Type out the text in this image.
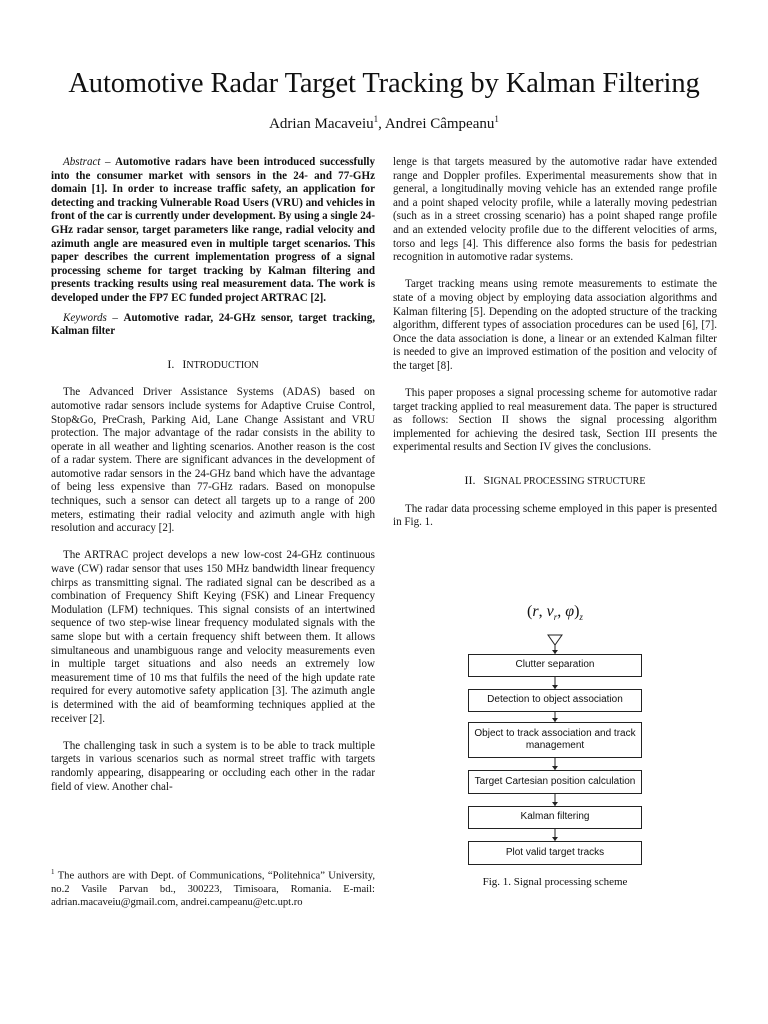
Automotive Radar Target Tracking by Kalman Filtering
Adrian Macaveiu$^1$, Andrei Câmpeanu$^1$

Abstract – Automotive radars have been introduced successfully into the consumer market with sensors in the 24- and 77-GHz domain [1]. In order to increase traffic safety, an application for detecting and tracking Vulnerable Road Users (VRU) and vehicles in front of the car is currently under development. By using a single 24-GHz radar sensor, target parameters like range, radial velocity and azimuth angle are measured even in multiple target scenarios. This paper describes the current implementation progress of a signal processing scheme for target tracking by Kalman filtering and presents tracking results using real measurement data. The work is developed under the FP7 EC funded project ARTRAC [2].

Keywords – Automotive radar, 24-GHz sensor, target tracking, Kalman filter

I. INTRODUCTION

The Advanced Driver Assistance Systems (ADAS) based on automotive radar sensors include systems for Adaptive Cruise Control, Stop&Go, PreCrash, Parking Aid, Lane Change Assistant and VRU protection. The major advantage of the radar consists in the ability to operate in all weather and lighting scenarios. Another reason is the cost of a radar system. There are significant advances in the development of automotive radar sensors in the 24-GHz band which have the advantage of being less expensive than 77-GHz radars. Based on monopulse techniques, such a sensor can detect all targets up to a range of 200 meters, estimating their radial velocity and azimuth angle with high resolution and accuracy [2].

The ARTRAC project develops a new low-cost 24-GHz continuous wave (CW) radar sensor that uses 150 MHz bandwidth linear frequency chirps as transmitting signal. The radiated signal can be described as a combination of Frequency Shift Keying (FSK) and Linear Frequency Modulation (LFM) techniques. This signal consists of an intertwined sequence of two step-wise linear frequency modulated signals with the same slope but with a certain frequency shift between them. It allows simultaneous and unambiguous range and velocity measurements even in multiple target situations and also needs an extremely low measurement time of 10 ms that fulfils the need of the high update rate required for every automotive safety application [3]. The azimuth angle is determined with the aid of beamforming techniques applied at the receiver [2].

The challenging task in such a system is to be able to track multiple targets in various scenarios such as normal street traffic with targets randomly appearing, disappearing or occluding each other in the radar field of view. Another chal-

$^1$ The authors are with Dept. of Communications, “Politehnica” University, no.2 Vasile Parvan bd., 300223, Timisoara, Romania. E-mail: adrian.macaveiu@gmail.com, andrei.campeanu@etc.upt.ro

lenge is that targets measured by the automotive radar have extended range and Doppler profiles. Experimental measurements show that in general, a longitudinally moving vehicle has an extended range profile and a point shaped velocity profile, while a laterally moving pedestrian (such as in a street crossing scenario) has a point shaped range profile and an extended velocity profile due to the different velocities of arms, torso and legs [4]. This difference also forms the basis for pedestrian recognition in automotive radar systems.

Target tracking means using remote measurements to estimate the state of a moving object by employing data association algorithms and Kalman filtering [5]. Depending on the adopted structure of the tracking algorithm, different types of association procedures can be used [6], [7]. Once the data association is done, a linear or an extended Kalman filter is needed to give an improved estimation of the position and velocity of the target [8].

This paper proposes a signal processing scheme for automotive radar target tracking applied to real measurement data. The paper is structured as follows: Section II shows the signal processing algorithm implemented for achieving the desired task, Section III presents the experimental results and Section IV gives the conclusions.

II. SIGNAL PROCESSING STRUCTURE

The radar data processing scheme employed in this paper is presented in Fig. 1.

(r, $v_r$, $\varphi)_z$
Clutter separation
Detection to object association
Object to track association and track management
Target Cartesian position calculation
Kalman filtering
Plot valid target tracks
Fig. 1. Signal processing scheme
